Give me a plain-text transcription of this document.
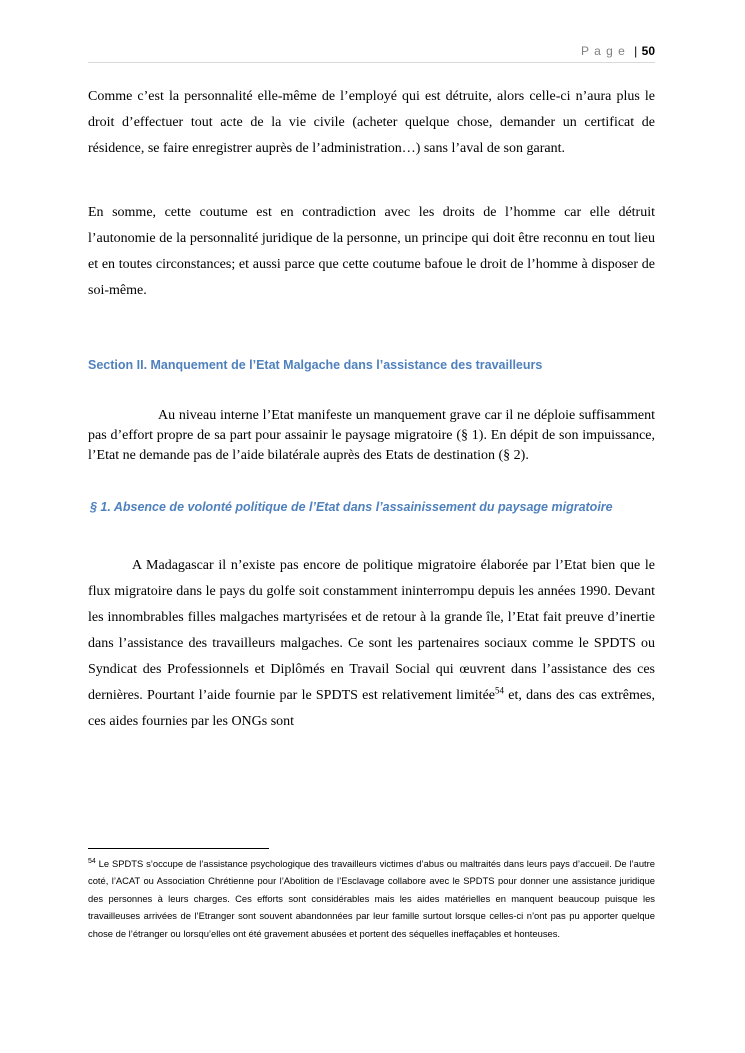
P a g e | 50

Comme c’est la personnalité elle-même de l’employé qui est détruite, alors celle-ci n’aura plus le droit d’effectuer tout acte de la vie civile (acheter quelque chose, demander un certificat de résidence, se faire enregistrer auprès de l’administration…) sans l’aval de son garant.

En somme, cette coutume est en contradiction avec les droits de l’homme car elle détruit l’autonomie de la personnalité juridique de la personne, un principe qui doit être reconnu en tout lieu et en toutes circonstances; et aussi parce que cette coutume bafoue le droit de l’homme à disposer de soi-même.

Section II. Manquement de l’Etat Malgache dans l’assistance des travailleurs

Au niveau interne l’Etat manifeste un manquement grave car il ne déploie suffisamment pas d’effort propre de sa part pour assainir le paysage migratoire (§ 1). En dépit de son impuissance, l’Etat ne demande pas de l’aide bilatérale auprès des Etats de destination (§ 2).

§ 1. Absence de volonté politique de l’Etat dans l’assainissement du paysage migratoire

A Madagascar il n’existe pas encore de politique migratoire élaborée par l’Etat bien que le flux migratoire dans le pays du golfe soit constamment ininterrompu depuis les années 1990. Devant les innombrables filles malgaches martyrisées et de retour à la grande île, l’Etat fait preuve d’inertie dans l’assistance des travailleurs malgaches. Ce sont les partenaires sociaux comme le SPDTS ou Syndicat des Professionnels et Diplômés en Travail Social qui œuvrent dans l’assistance des ces dernières. Pourtant l’aide fournie par le SPDTS est relativement limitée$^{54}$ et, dans des cas extrêmes, ces aides fournies par les ONGs sont

$^{54}$ Le SPDTS s’occupe de l’assistance psychologique des travailleurs victimes d’abus ou maltraités dans leurs pays d’accueil. De l’autre coté, l’ACAT ou Association Chrétienne pour l’Abolition de l’Esclavage collabore avec le SPDTS pour donner une assistance juridique des personnes à leurs charges. Ces efforts sont considérables mais les aides matérielles en manquent beaucoup puisque les travailleuses arrivées de l’Etranger sont souvent abandonnées par leur famille surtout lorsque celles-ci n’ont pas pu apporter quelque chose de l’étranger ou lorsqu’elles ont été gravement abusées et portent des séquelles ineffaçables et honteuses.
